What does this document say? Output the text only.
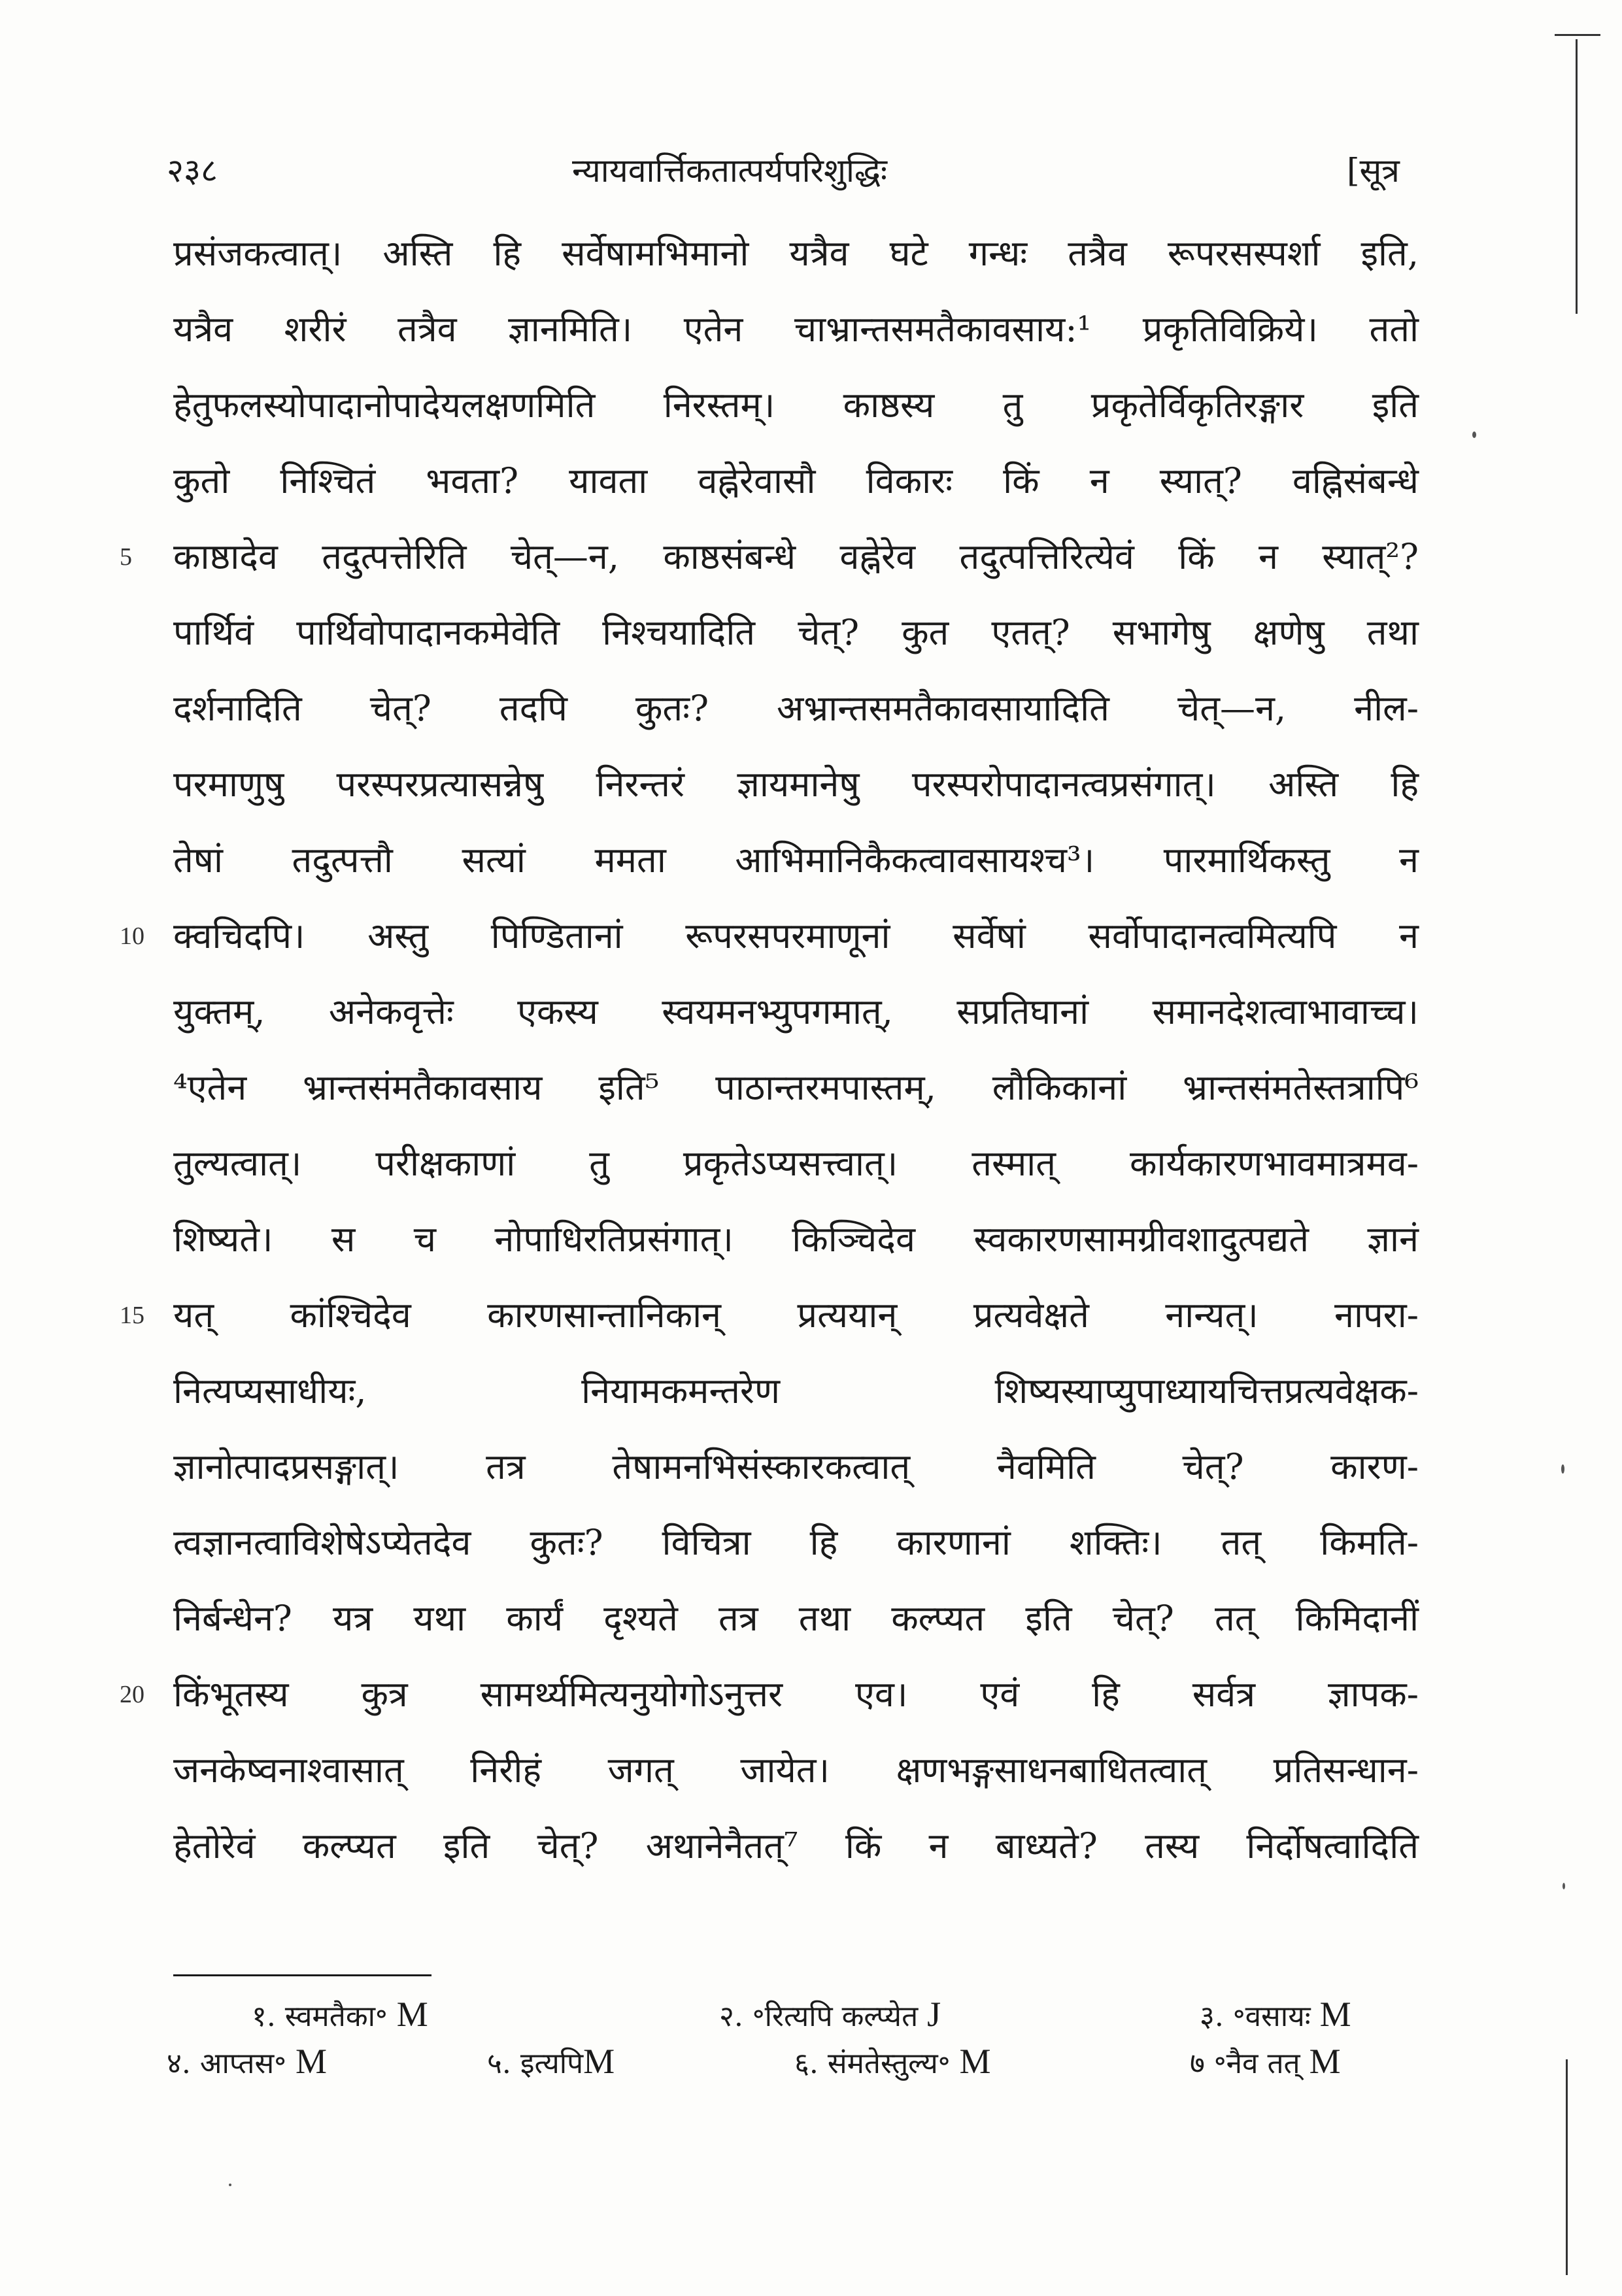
२३८	न्यायवार्त्तिकतात्पर्यपरिशुद्धिः	[सूत्र
प्रसंजकत्वात्। अस्ति हि सर्वेषामभिमानो यत्रैव घटे गन्धः तत्रैव रूपरसस्पर्शा इति,
यत्रैव शरीरं तत्रैव ज्ञानमिति। एतेन चाभ्रान्तसमतैकावसाय:¹ प्रकृतिविक्रिये। ततो
हेतुफलस्योपादानोपादेयलक्षणमिति निरस्तम्। काष्ठस्य तु प्रकृतेर्विकृतिरङ्गार इति
कुतो निश्चितं भवता? यावता वह्नेरेवासौ विकारः किं न स्यात्? वह्निसंबन्धे
5 काष्ठादेव तदुत्पत्तेरिति चेत्—न, काष्ठसंबन्धे वह्नेरेव तदुत्पत्तिरित्येवं किं न स्यात्²?
पार्थिवं पार्थिवोपादानकमेवेति निश्चयादिति चेत्? कुत एतत्? सभागेषु क्षणेषु तथा
दर्शनादिति चेत्? तदपि कुतः? अभ्रान्तसमतैकावसायादिति चेत्—न, नील-
परमाणुषु परस्परप्रत्यासन्नेषु निरन्तरं ज्ञायमानेषु परस्परोपादानत्वप्रसंगात्। अस्ति हि
तेषां तदुत्पत्तौ सत्यां ममता आभिमानिकैकत्वावसायश्च³। पारमार्थिकस्तु न
10 क्वचिदपि। अस्तु पिण्डितानां रूपरसपरमाणूनां सर्वेषां सर्वोपादानत्वमित्यपि न
युक्तम्, अनेकवृत्तेः एकस्य स्वयमनभ्युपगमात्, सप्रतिघानां समानदेशत्वाभावाच्च।
⁴एतेन भ्रान्तसंमतैकावसाय इति⁵ पाठान्तरमपास्तम्, लौकिकानां भ्रान्तसंमतेस्तत्रापि⁶
तुल्यत्वात्। परीक्षकाणां तु प्रकृतेऽप्यसत्त्वात्। तस्मात् कार्यकारणभावमात्रमव-
शिष्यते। स च नोपाधिरतिप्रसंगात्। किञ्चिदेव स्वकारणसामग्रीवशादुत्पद्यते ज्ञानं
15 यत् कांश्चिदेव कारणसान्तानिकान् प्रत्ययान् प्रत्यवेक्षते नान्यत्। नापरा-
नित्यप्यसाधीयः, नियामकमन्तरेण शिष्यस्याप्युपाध्यायचित्तप्रत्यवेक्षक-
ज्ञानोत्पादप्रसङ्गात्। तत्र तेषामनभिसंस्कारकत्वात् नैवमिति चेत्? कारण-
त्वज्ञानत्वाविशेषेऽप्येतदेव कुतः? विचित्रा हि कारणानां शक्तिः। तत् किमति-
निर्बन्धेन? यत्र यथा कार्यं दृश्यते तत्र तथा कल्प्यत इति चेत्? तत् किमिदानीं
20 किंभूतस्य कुत्र सामर्थ्यमित्यनुयोगोऽनुत्तर एव। एवं हि सर्वत्र ज्ञापक-
जनकेष्वनाश्वासात् निरीहं जगत् जायेत। क्षणभङ्गसाधनबाधितत्वात् प्रतिसन्धान-
हेतोरेवं कल्प्यत इति चेत्? अथानेनैतत्⁷ किं न बाध्यते? तस्य निर्दोषत्वादिति
१. स्वमतैका॰ M	२. ॰रित्यपि कल्प्येत J	३. ॰वसायः M
४. आप्तस॰ M	५. इत्यपिM	६. संमतेस्तुल्य॰ M	७ ॰नैव तत् M
